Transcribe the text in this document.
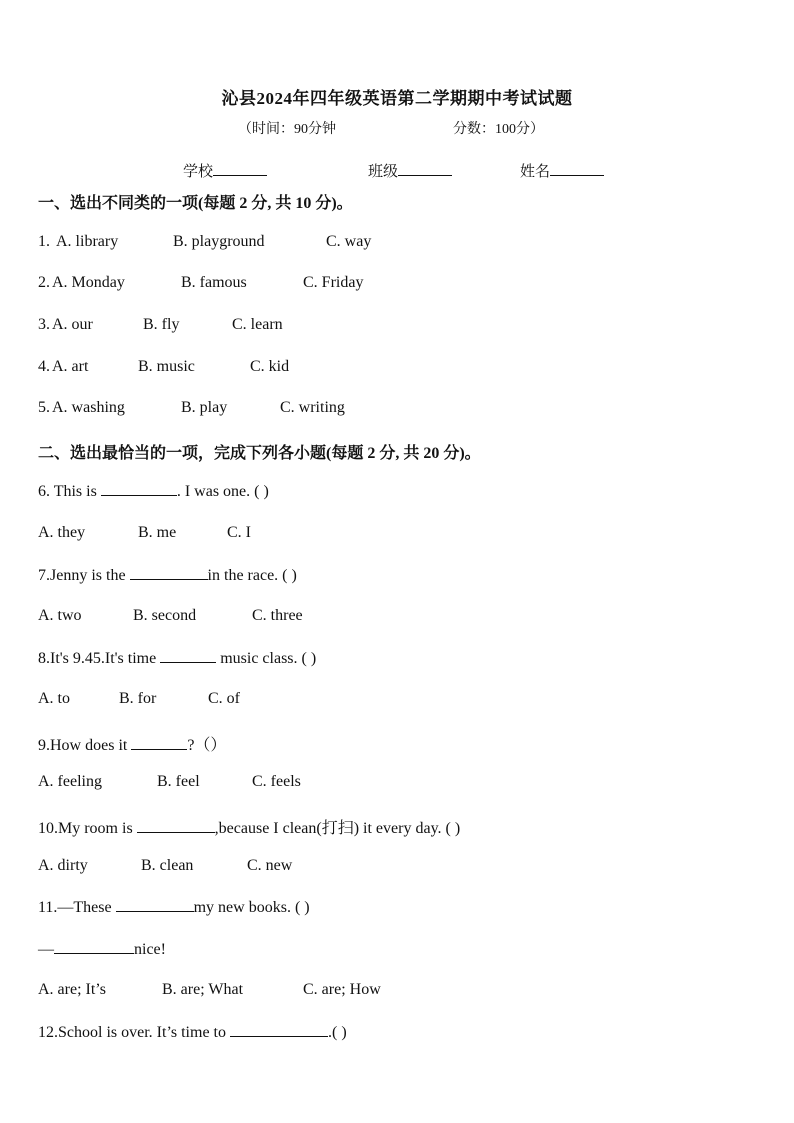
沁县2024年四年级英语第二学期期中考试试题
（时间：90分钟	分数：100分）
学校	班级	姓名
一、选出不同类的一项(每题 2 分, 共 10 分)。
1. A. library	B. playground	C. way
2. A. Monday	B. famous	C. Friday
3. A. our	B. fly	C. learn
4. A. art	B. music	C. kid
5. A. washing	B. play	C. writing
二、选出最恰当的一项，完成下列各小题(每题 2 分, 共 20 分)。
6. This is	. I was one. ( )
A. they	B. me	C. I
7.Jenny is the	in the race. ( )
A. two	B. second	C. three
8.It's 9.45.It's time	music class. ( )
A. to	B. for	C. of
9.How does it	?（）
A. feeling	B. feel	C. feels
10.My room is	,because I clean(打扫) it every day. ( )
A. dirty	B. clean	C. new
11.—These	my new books. ( )
—	nice!
A. are; It’s	B. are; What	C. are; How
12.School is over. It’s time to	.( )
